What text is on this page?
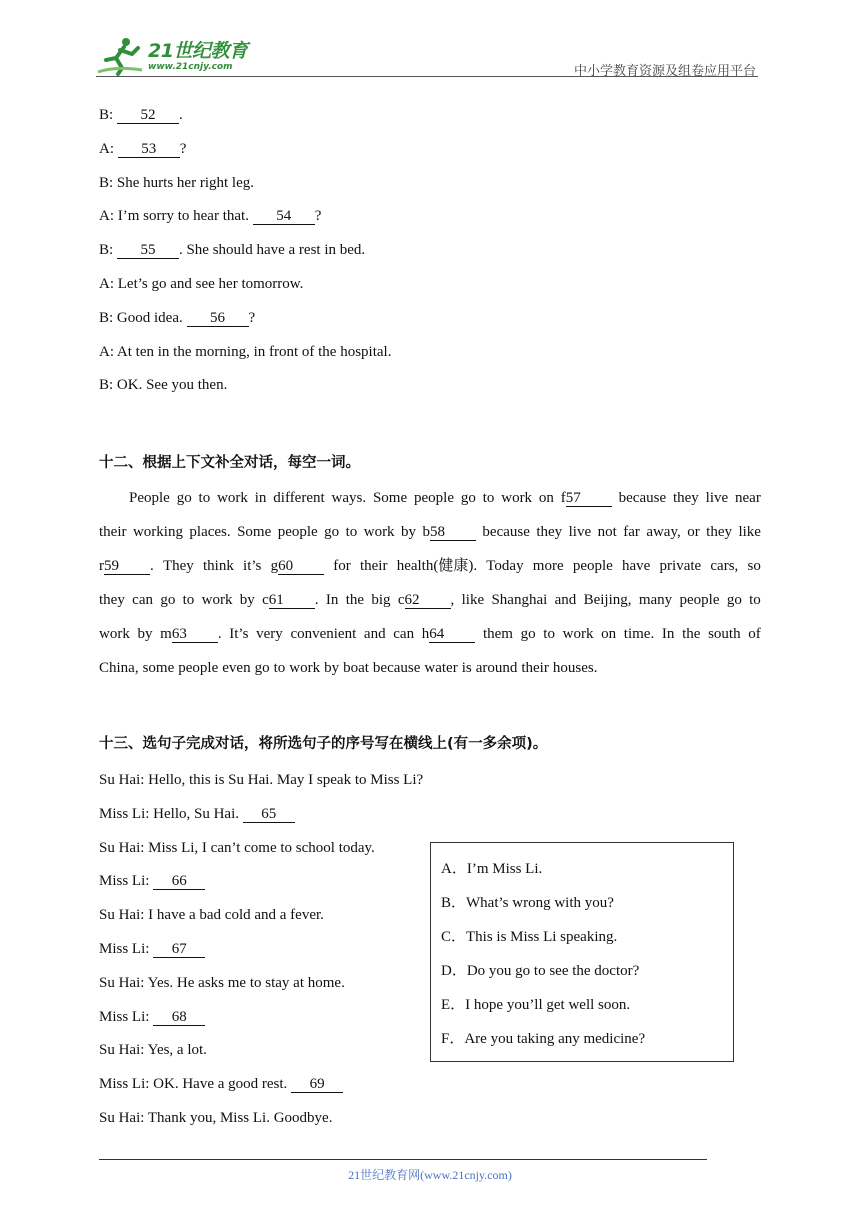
21世纪教育
www.21cnjy.com	中小学教育资源及组卷应用平台
B: 52 .
A: 53 ?
B: She hurts her right leg.
A: I’m sorry to hear that. 54 ?
B: 55 . She should have a rest in bed.
A: Let’s go and see her tomorrow.
B: Good idea. 56 ?
A: At ten in the morning, in front of the hospital.
B: OK. See you then.
十二、根据上下文补全对话，每空一词。
People go to work in different ways. Some people go to work on f57	because they live near
their working places. Some people go to work by b58	because they live not far away, or they like
r59 . They think it’s g60	for their health(健康). Today more people have private cars, so
they can go to work by c61 . In the big c62 , like Shanghai and Beijing, many people go to
work by m63 . It’s very convenient and can h64	them go to work on time. In the south of
China, some people even go to work by boat because water is around their houses.
十三、选句子完成对话，将所选句子的序号写在横线上(有一多余项)。
Su Hai: Hello, this is Su Hai. May I speak to Miss Li?
Miss Li: Hello, Su Hai. 65
Su Hai: Miss Li, I can’t come to school today.
Miss Li: 66
Su Hai: I have a bad cold and a fever.
Miss Li: 67
Su Hai: Yes. He asks me to stay at home.
Miss Li: 68
Su Hai: Yes, a lot.
Miss Li: OK. Have a good rest. 69
Su Hai: Thank you, Miss Li. Goodbye.
A．I’m Miss Li.
B．What’s wrong with you?
C．This is Miss Li speaking.
D．Do you go to see the doctor?
E．I hope you’ll get well soon.
F．Are you taking any medicine?
21世纪教育网(www.21cnjy.com)
